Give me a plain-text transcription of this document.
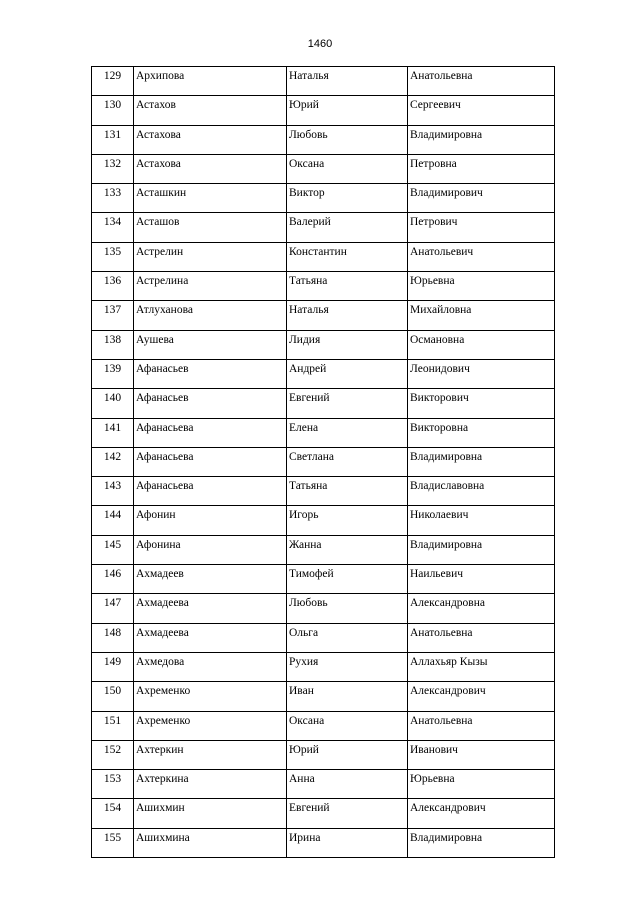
1460
129	Архипова	Наталья	Анатольевна
130	Астахов	Юрий	Сергеевич
131	Астахова	Любовь	Владимировна
132	Астахова	Оксана	Петровна
133	Асташкин	Виктор	Владимирович
134	Асташов	Валерий	Петрович
135	Астрелин	Константин	Анатольевич
136	Астрелина	Татьяна	Юрьевна
137	Атлуханова	Наталья	Михайловна
138	Аушева	Лидия	Османовна
139	Афанасьев	Андрей	Леонидович
140	Афанасьев	Евгений	Викторович
141	Афанасьева	Елена	Викторовна
142	Афанасьева	Светлана	Владимировна
143	Афанасьева	Татьяна	Владиславовна
144	Афонин	Игорь	Николаевич
145	Афонина	Жанна	Владимировна
146	Ахмадеев	Тимофей	Наильевич
147	Ахмадеева	Любовь	Александровна
148	Ахмадеева	Ольга	Анатольевна
149	Ахмедова	Рухия	Аллахьяр Кызы
150	Ахременко	Иван	Александрович
151	Ахременко	Оксана	Анатольевна
152	Ахтеркин	Юрий	Иванович
153	Ахтеркина	Анна	Юрьевна
154	Ашихмин	Евгений	Александрович
155	Ашихмина	Ирина	Владимировна
